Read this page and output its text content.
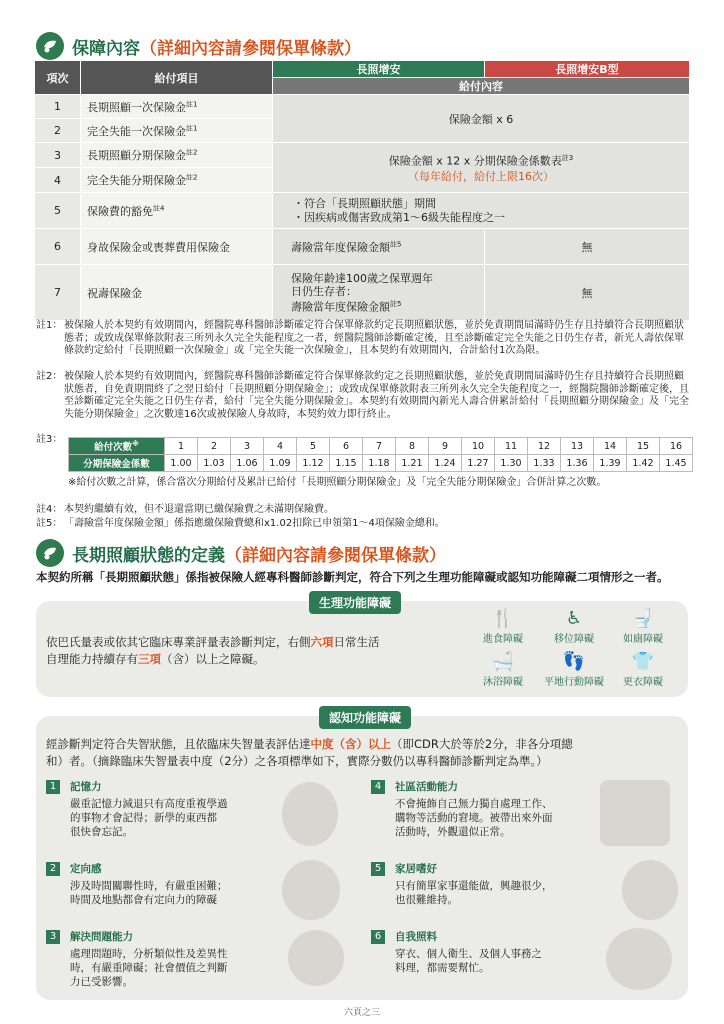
保障內容 （詳細內容請參閱保單條款）
項次	給付項目	長照增安	長照增安B型
		給付內容	
1	長期照顧一次保險金$^{註1}$	保險金額 x 6	
2	完全失能一次保險金$^{註1}$
3	長期照顧分期保險金$^{註2}$	保險金額 x 12 x 分期保險金係數表$^{註3}$
（每年給付，給付上限16次）	

4	完全失能分期保險金$^{註2}$
5	保險費的豁免$^{註4}$	・符合「長期照顧狀態」期間
・因疾病或傷害致成第1～6級失能程度之一	

6	身故保險金或喪葬費用保險金	壽險當年度保險金額$^{註5}$	無
7	祝壽保險金	保險年齡達100歲之保單週年
日仍生存者：
壽險當年度保險金額$^{註5}$	無
註1： 被保險人於本契約有效期間內，經醫院專科醫師診斷確定符合保單條款約定長期照顧狀態，並於免責期間屆滿時仍生存且持續符合長期照顧狀態者；或致成保單條款附表三所列永久完全失能程度之一者，經醫院醫師診斷確定後，且至診斷確定完全失能之日仍生存者，新光人壽依保單條款約定給付「長期照顧一次保險金」或「完全失能一次保險金」，且本契約有效期間內，合計給付1次為限。
註2： 被保險人於本契約有效期間內，經醫院專科醫師診斷確定符合保單條款約定之長期照顧狀態，並於免責期間屆滿時仍生存且持續符合長期照顧狀態者，自免責期間終了之翌日給付「長期照顧分期保險金」；或致成保單條款附表三所列永久完全失能程度之一，經醫院醫師診斷確定後，且至診斷確定完全失能之日仍生存者，給付「完全失能分期保險金」。本契約有效期間內新光人壽合併累計給付「長期照顧分期保險金」及「完全失能分期保險金」之次數達16次或被保險人身故時，本契約效力即行終止。
註3：
給付次數※	1	2	3	4	5	6	7	8	9	10	11	12	13	14	15	16
分期保險金係數	1.00	1.03	1.06	1.09	1.12	1.15	1.18	1.21	1.24	1.27	1.30	1.33	1.36	1.39	1.42	1.45
※給付次數之計算，係合當次分期給付及累計已給付「長期照顧分期保險金」及「完全失能分期保險金」合併計算之次數。
註4： 本契約繼續有效，但不退還當期已繳保險費之未滿期保險費。
註5： 「壽險當年度保險金額」係指應繳保險費總和x1.02扣除已申領第1～4項保險金總和。
長期照顧狀態的定義 （詳細內容請參閱保單條款）
本契約所稱「長期照顧狀態」係指被保險人經專科醫師診斷判定，符合下列之生理功能障礙或認知功能障礙二項情形之一者。
生理功能障礙
依巴氏量表或依其它臨床專業評量表診斷判定，右側六項日常生活
自理能力持續存有三項（含）以上之障礙。
🍴
進食障礙
♿
移位障礙
🚽
如廁障礙
🛁
沐浴障礙
👣
平地行動障礙
👕
更衣障礙
認知功能障礙
經診斷判定符合失智狀態，且依臨床失智量表評估達中度（含）以上（即CDR大於等於2分，非各分項總
和）者。（摘錄臨床失智量表中度（2分）之各項標準如下，實際分數仍以專科醫師診斷判定為準。）
1	記憶力
嚴重記憶力減退只有高度重複學過
的事物才會記得；新學的東西都
很快會忘記。
2	定向感
涉及時間關聯性時，有嚴重困難；
時間及地點都會有定向力的障礙
3	解決問題能力
處理問題時，分析類似性及差異性
時，有嚴重障礙；社會價值之判斷
力已受影響。
4	社區活動能力
不會掩飾自己無力獨自處理工作、
購物等活動的窘境。被帶出來外面
活動時，外觀還似正常。
5	家居嗜好
只有簡單家事還能做，興趣很少，
也很難維持。
6	自我照料
穿衣、個人衛生、及個人事務之
料理，都需要幫忙。
六頁之三
